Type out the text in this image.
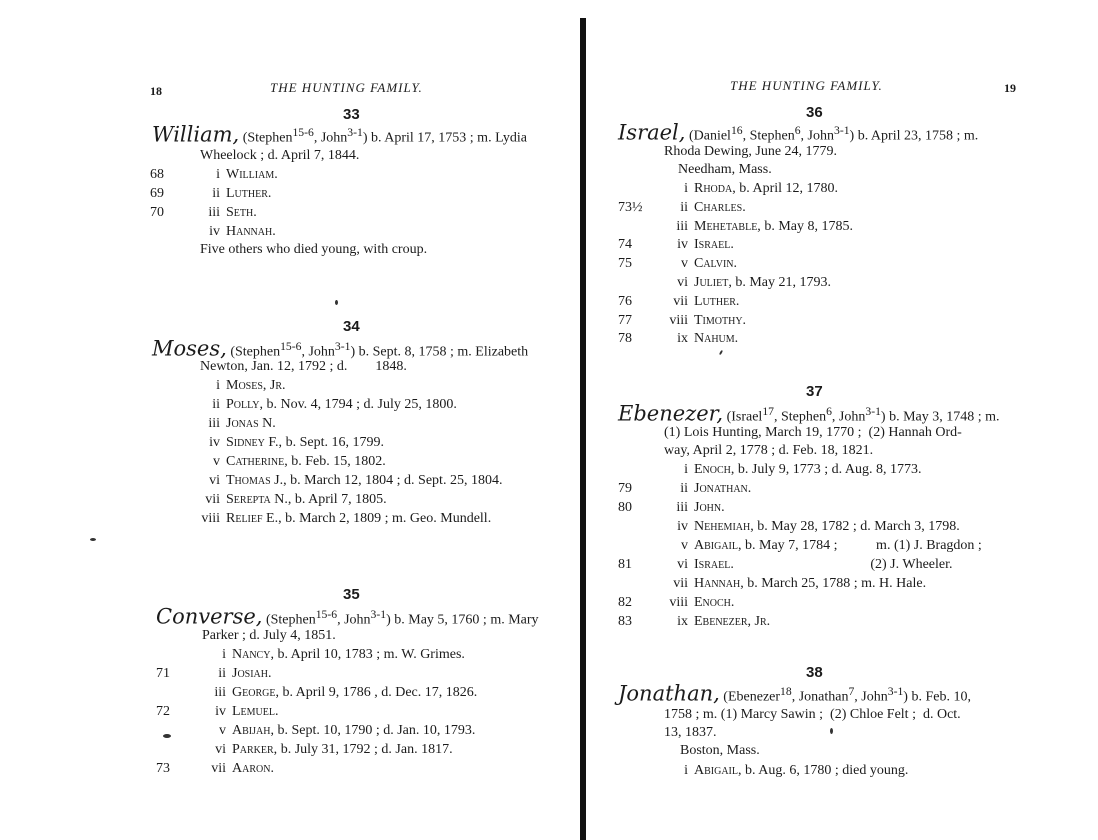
18	THE HUNTING FAMILY.
33
William, (Stephen$^{15-6}$, John$^{3-1}$) b. April 17, 1753 ; m. Lydia
Wheelock ; d. April 7, 1844.
68	i William.
69	ii Luther.
70	iii Seth.
iv Hannah.
Five others who died young, with croup.
34
Moses, (Stephen$^{15-6}$, John$^{3-1}$) b. Sept. 8, 1758 ; m. Elizabeth
Newton, Jan. 12, 1792 ; d.        1848.
i Moses, Jr.
ii Polly, b. Nov. 4, 1794 ; d. July 25, 1800.
iii Jonas N.
iv Sidney F., b. Sept. 16, 1799.
v Catherine, b. Feb. 15, 1802.
vi Thomas J., b. March 12, 1804 ; d. Sept. 25, 1804.
vii Serepta N., b. April 7, 1805.
viii Relief E., b. March 2, 1809 ; m. Geo. Mundell.
35
Converse, (Stephen$^{15-6}$, John$^{3-1}$) b. May 5, 1760 ; m. Mary
Parker ; d. July 4, 1851.
i Nancy, b. April 10, 1783 ; m. W. Grimes.
71	ii Josiah.
iii George, b. April 9, 1786 , d. Dec. 17, 1826.
72	iv Lemuel.
v Abijah, b. Sept. 10, 1790 ; d. Jan. 10, 1793.
vi Parker, b. July 31, 1792 ; d. Jan. 1817.
73	vii Aaron.
THE HUNTING FAMILY.	19
36
Israel, (Daniel$^{16}$, Stephen$^6$, John$^{3-1}$) b. April 23, 1758 ; m.
Rhoda Dewing, June 24, 1779.
Needham, Mass.
i Rhoda, b. April 12, 1780.
73½	ii Charles.
iii Mehetable, b. May 8, 1785.
74	iv Israel.
75	v Calvin.
vi Juliet, b. May 21, 1793.
76	vii Luther.
77	viii Timothy.
78	ix Nahum.
37
Ebenezer, (Israel$^{17}$, Stephen$^6$, John$^{3-1}$) b. May 3, 1748 ; m.
(1) Lois Hunting, March 19, 1770 ;  (2) Hannah Ord-
way, April 2, 1778 ; d. Feb. 18, 1821.
i Enoch, b. July 9, 1773 ; d. Aug. 8, 1773.
79	ii Jonathan.
80	iii John.
iv Nehemiah, b. May 28, 1782 ; d. March 3, 1798.
v Abigail, b. May 7, 1784 ;           m. (1) J. Bragdon ;
81	vi Israel.                                       (2) J. Wheeler.
vii Hannah, b. March 25, 1788 ; m. H. Hale.
82	viii Enoch.
83	ix Ebenezer, Jr.
38
Jonathan, (Ebenezer$^{18}$, Jonathan$^7$, John$^{3-1}$) b. Feb. 10,
1758 ; m. (1) Marcy Sawin ;  (2) Chloe Felt ;  d. Oct.
13, 1837.
Boston, Mass.
i Abigail, b. Aug. 6, 1780 ; died young.
